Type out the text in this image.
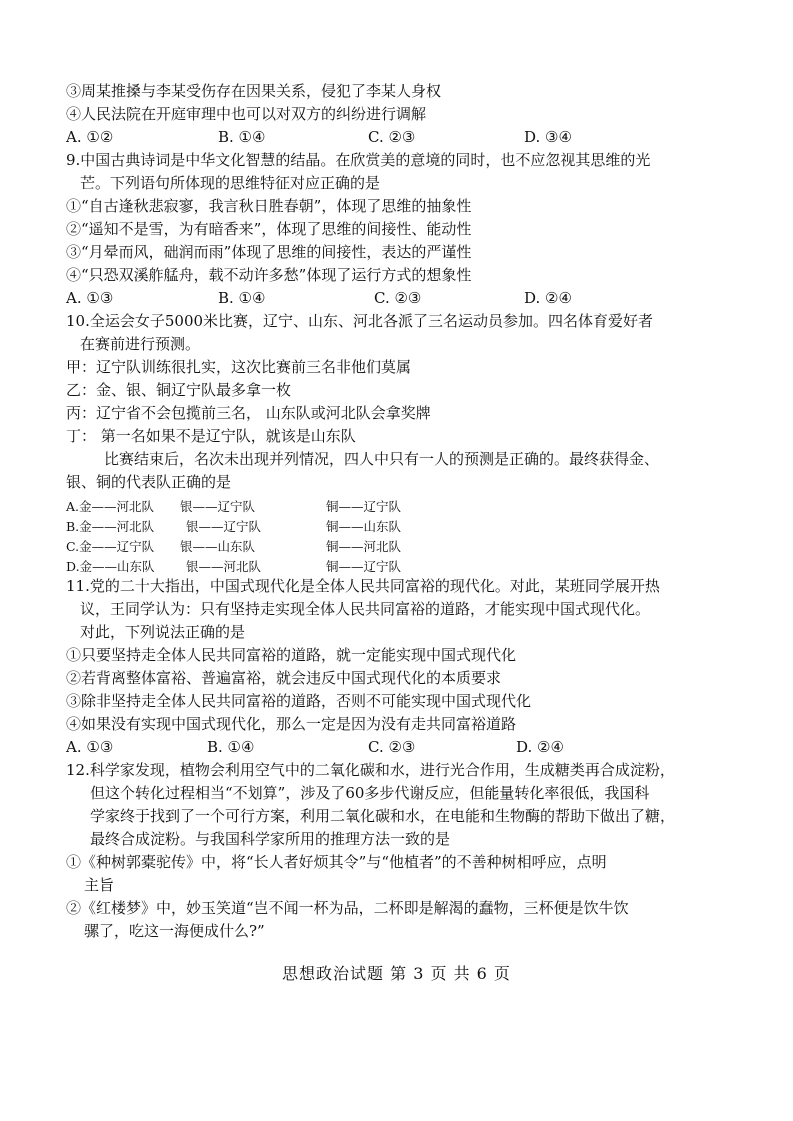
③周某推搡与李某受伤存在因果关系，侵犯了李某人身权
④人民法院在开庭审理中也可以对双方的纠纷进行调解
A. ①②	B. ①④	C. ②③	D. ③④
9.中国古典诗词是中华文化智慧的结晶。在欣赏美的意境的同时，也不应忽视其思维的光
芒。下列语句所体现的思维特征对应正确的是
①“自古逢秋悲寂寥，我言秋日胜春朝”，体现了思维的抽象性
②“遥知不是雪，为有暗香来”，体现了思维的间接性、能动性
③“月晕而风，础润而雨”体现了思维的间接性，表达的严谨性
④“只恐双溪舴艋舟，载不动许多愁”体现了运行方式的想象性
A. ①③	B. ①④	C. ②③	D. ②④
10.全运会女子5000米比赛，辽宁、山东、河北各派了三名运动员参加。四名体育爱好者
在赛前进行预测。
甲：辽宁队训练很扎实，这次比赛前三名非他们莫属
乙：金、银、铜辽宁队最多拿一枚
丙：辽宁省不会包揽前三名， 山东队或河北队会拿奖牌
丁： 第一名如果不是辽宁队，就该是山东队
比赛结束后，名次未出现并列情况，四人中只有一人的预测是正确的。最终获得金、
银、铜的代表队正确的是
A.金——河北队 银——辽宁队	铜——辽宁队
B.金——河北队	银——辽宁队	铜——山东队
C.金——辽宁队 银——山东队	铜——河北队
D.金——山东队	银——河北队	铜——辽宁队
11.党的二十大指出，中国式现代化是全体人民共同富裕的现代化。对此，某班同学展开热
议，王同学认为：只有坚持走实现全体人民共同富裕的道路，才能实现中国式现代化。
对此，下列说法正确的是
①只要坚持走全体人民共同富裕的道路，就一定能实现中国式现代化
②若背离整体富裕、普遍富裕，就会违反中国式现代化的本质要求
③除非坚持走全体人民共同富裕的道路，否则不可能实现中国式现代化
④如果没有实现中国式现代化，那么一定是因为没有走共同富裕道路
A. ①③	B. ①④	C. ②③	D. ②④
12.科学家发现，植物会利用空气中的二氧化碳和水，进行光合作用，生成糖类再合成淀粉，
但这个转化过程相当“不划算”，涉及了60多步代谢反应，但能量转化率很低，我国科
学家终于找到了一个可行方案，利用二氧化碳和水，在电能和生物酶的帮助下做出了糖，
最终合成淀粉。与我国科学家所用的推理方法一致的是
①《种树郭橐驼传》中，将“长人者好烦其令”与“他植者”的不善种树相呼应，点明
主旨
②《红楼梦》中，妙玉笑道“岂不闻一杯为品，二杯即是解渴的蠢物，三杯便是饮牛饮
骡了，吃这一海便成什么?”
思想政治试题 第 3 页 共 6 页
